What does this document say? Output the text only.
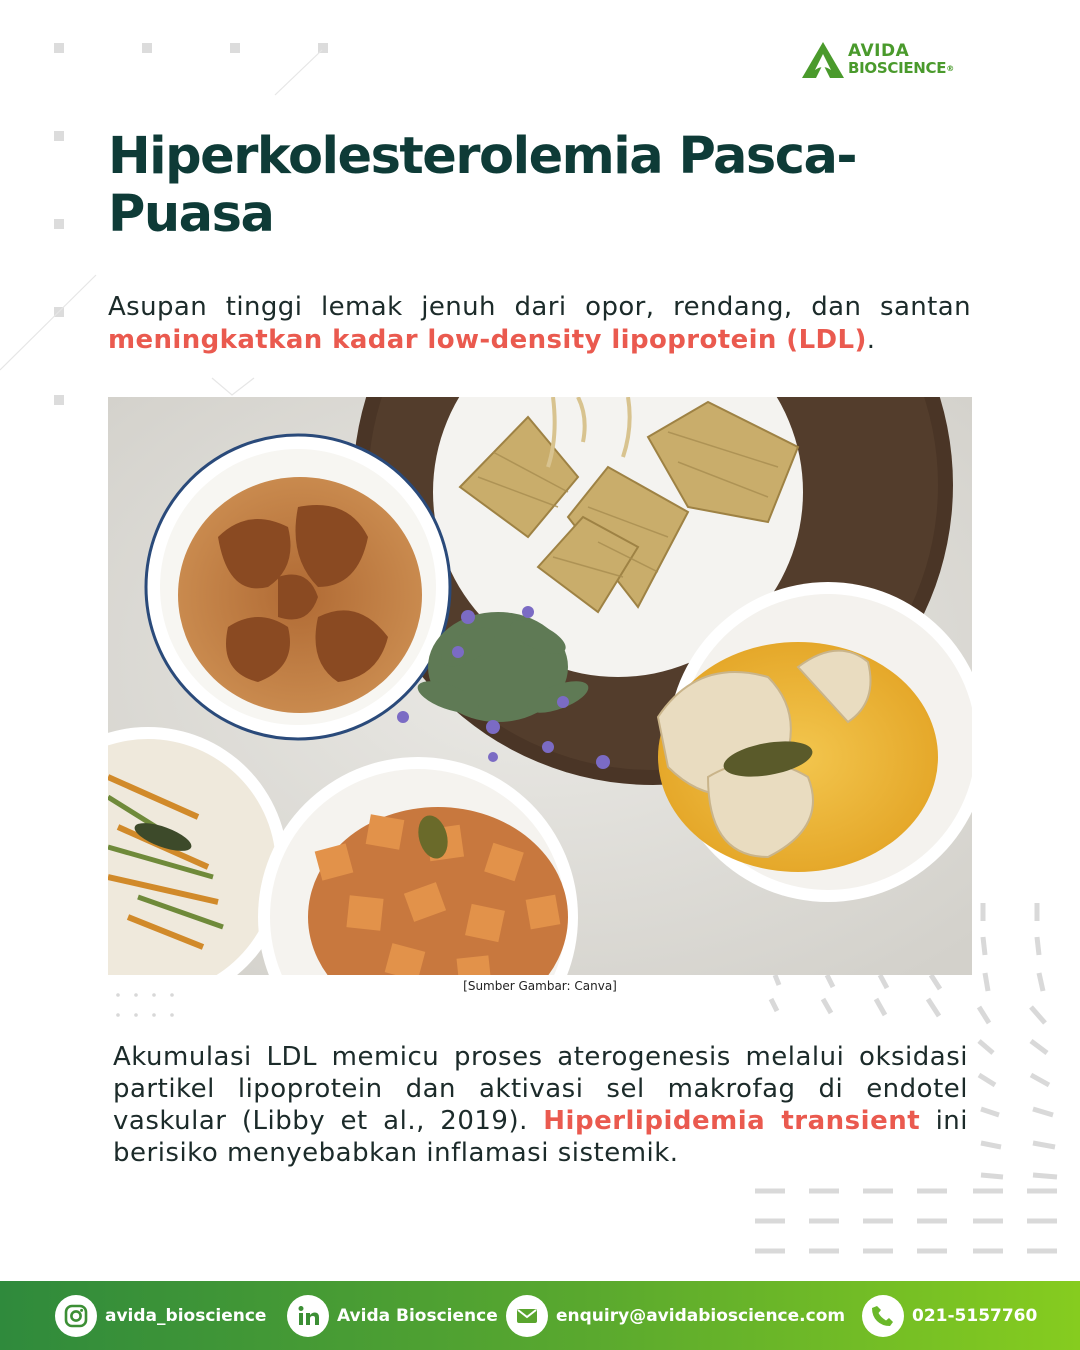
AVIDA
BIOSCIENCE®
Hiperkolesterolemia Pasca-Puasa

Asupan tinggi lemak jenuh dari opor, rendang, dan santan meningkatkan kadar low-density lipoprotein (LDL).

[Sumber Gambar: Canva]

Akumulasi LDL memicu proses aterogenesis melalui oksidasi partikel lipoprotein dan aktivasi sel makrofag di endotel vaskular (Libby et al., 2019). Hiperlipidemia transient ini berisiko menyebabkan inflamasi sistemik.

avida_bioscience	Avida Bioscience	enquiry@avidabioscience.com	021-5157760
